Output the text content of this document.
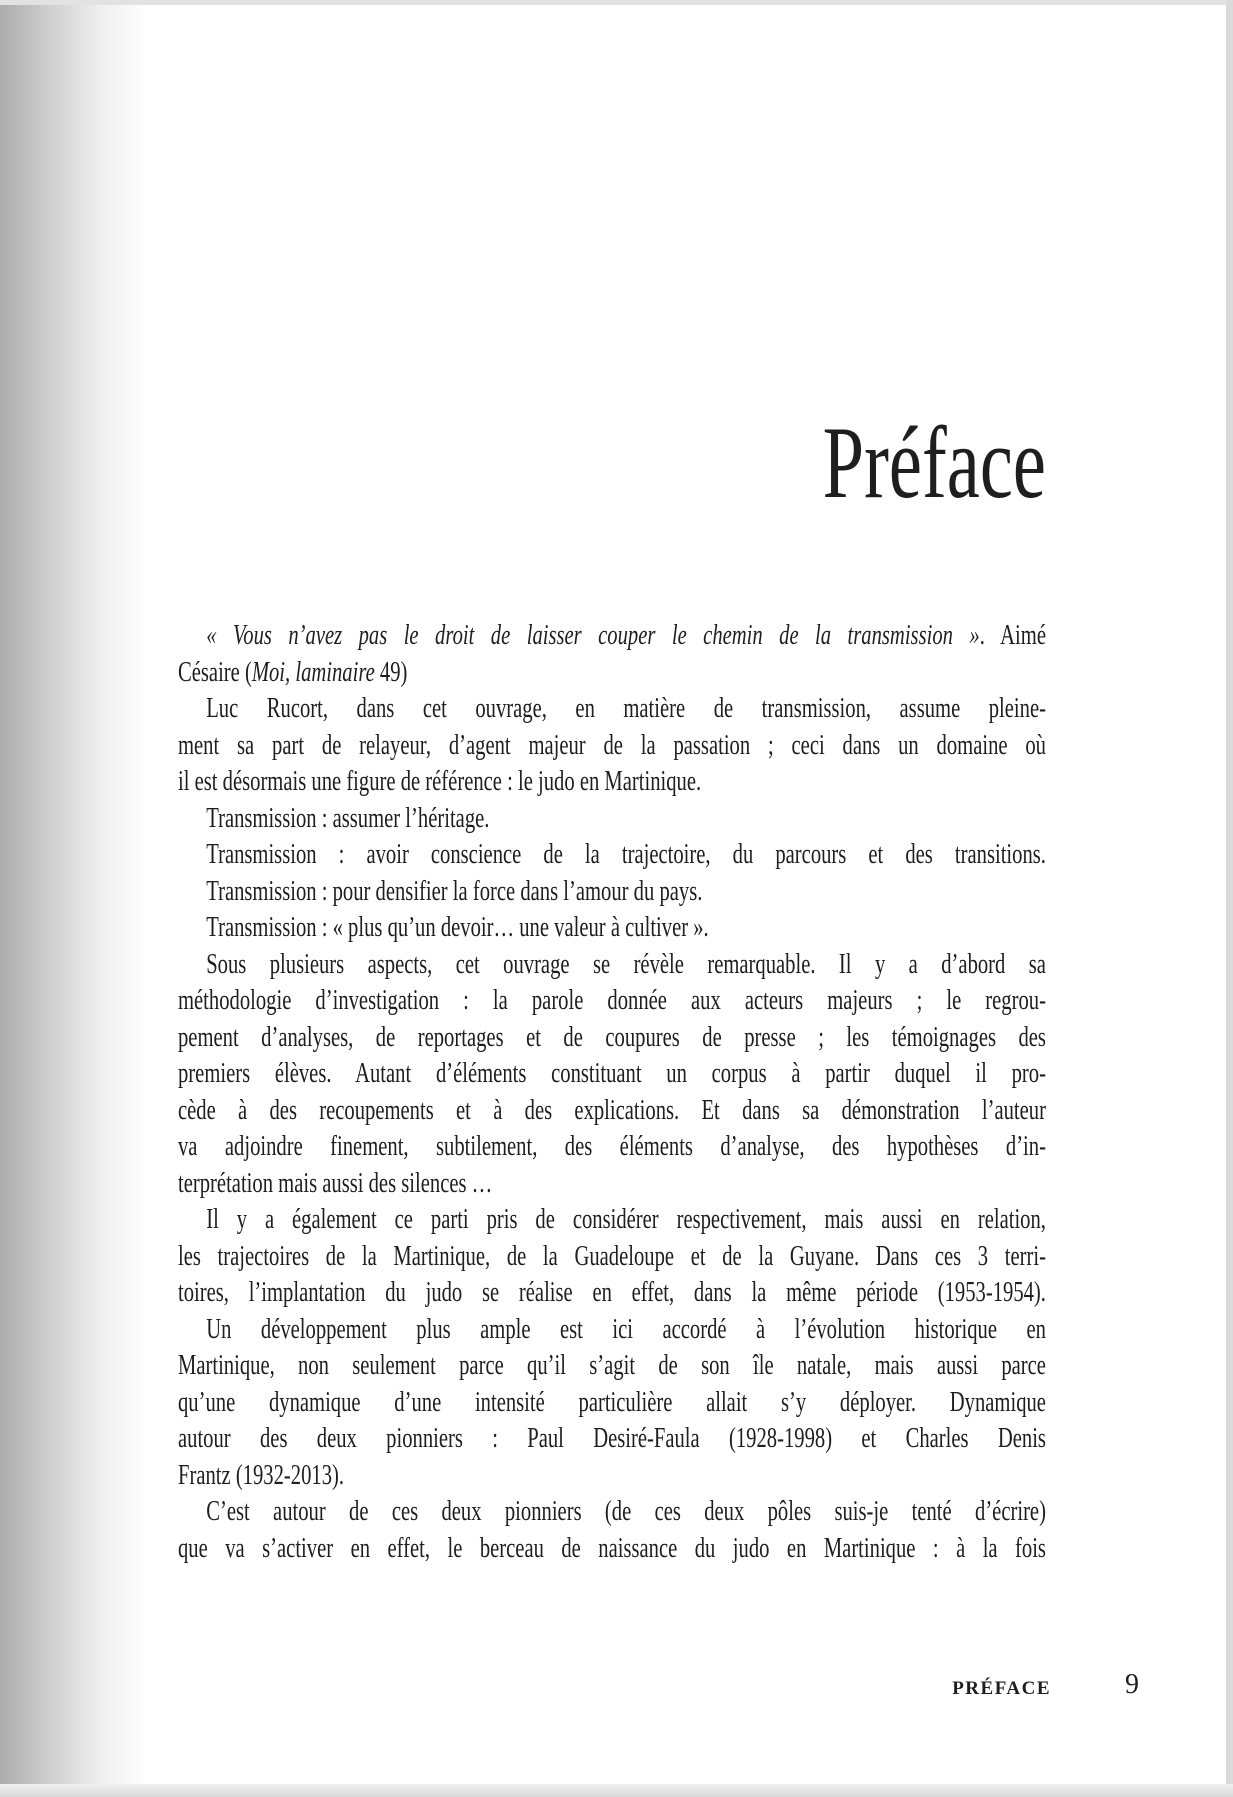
Préface
« Vous n’avez pas le droit de laisser couper le chemin de la transmission ». Aimé
Césaire (Moi, laminaire 49)
Luc Rucort, dans cet ouvrage, en matière de transmission, assume pleine-
ment sa part de relayeur, d’agent majeur de la passation ; ceci dans un domaine où
il est désormais une figure de référence : le judo en Martinique.
Transmission : assumer l’héritage.
Transmission : avoir conscience de la trajectoire, du parcours et des transitions.
Transmission : pour densifier la force dans l’amour du pays.
Transmission : « plus qu’un devoir… une valeur à cultiver ».
Sous plusieurs aspects, cet ouvrage se révèle remarquable. Il y a d’abord sa
méthodologie d’investigation : la parole donnée aux acteurs majeurs ; le regrou-
pement d’analyses, de reportages et de coupures de presse ; les témoignages des
premiers élèves. Autant d’éléments constituant un corpus à partir duquel il pro-
cède à des recoupements et à des explications. Et dans sa démonstration l’auteur
va adjoindre finement, subtilement, des éléments d’analyse, des hypothèses d’in-
terprétation mais aussi des silences …
Il y a également ce parti pris de considérer respectivement, mais aussi en relation,
les trajectoires de la Martinique, de la Guadeloupe et de la Guyane. Dans ces 3 terri-
toires, l’implantation du judo se réalise en effet, dans la même période (1953-1954).
Un développement plus ample est ici accordé à l’évolution historique en
Martinique, non seulement parce qu’il s’agit de son île natale, mais aussi parce
qu’une dynamique d’une intensité particulière allait s’y déployer. Dynamique
autour des deux pionniers : Paul Desiré-Faula (1928-1998) et Charles Denis
Frantz (1932-2013).
C’est autour de ces deux pionniers (de ces deux pôles suis-je tenté d’écrire)
que va s’activer en effet, le berceau de naissance du judo en Martinique : à la fois
PRÉFACE	9
